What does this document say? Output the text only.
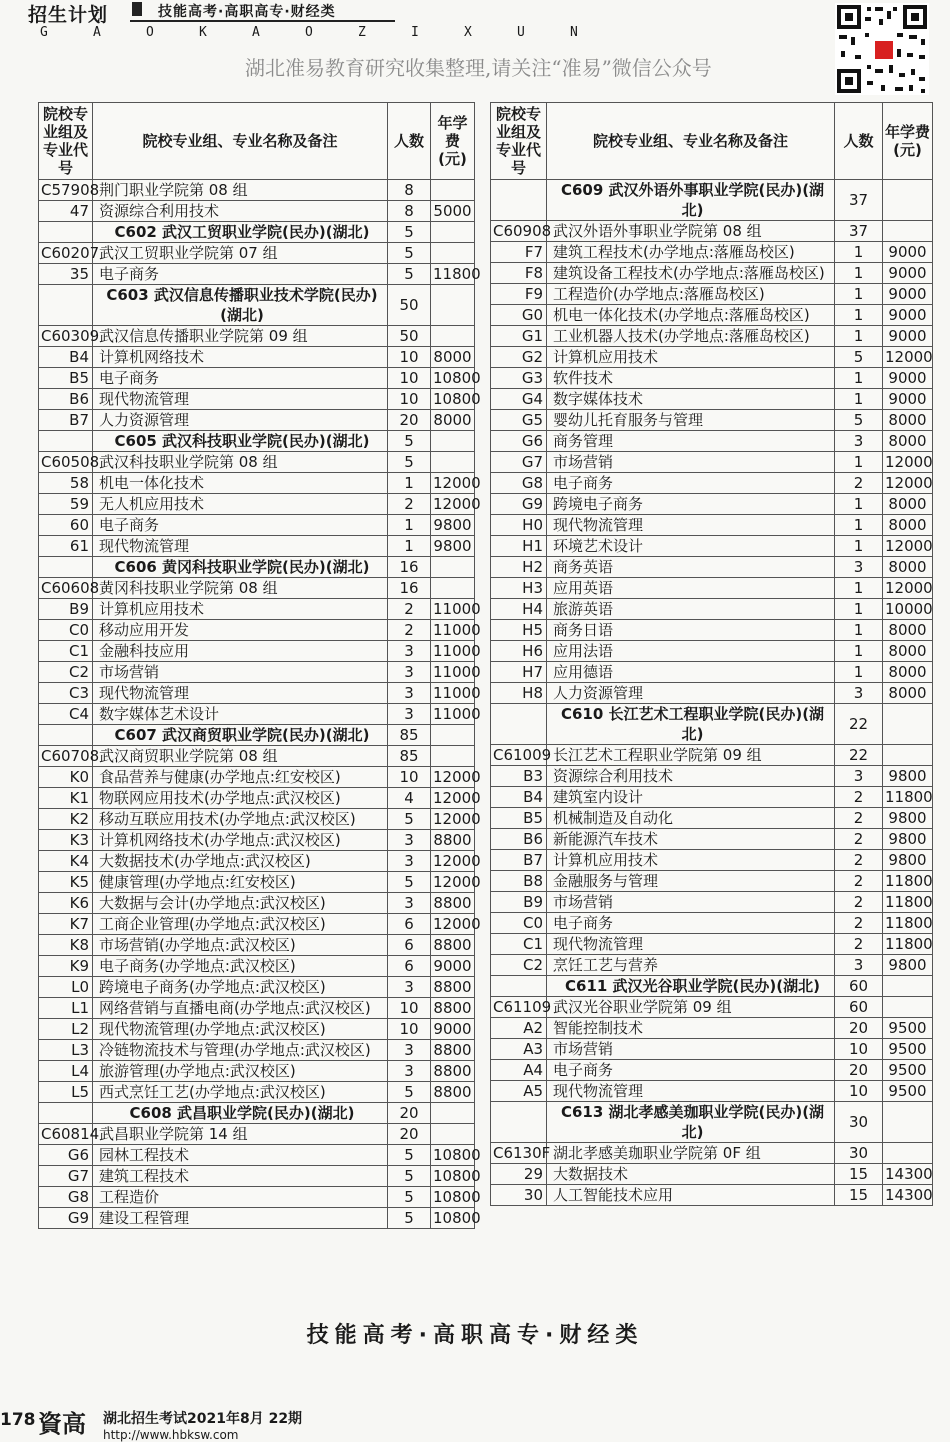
招生计划	技能高考·高职高专·财经类
G	A	O	K	A	O	Z	I	X	U	N
湖北准易教育研究收集整理,请关注“准易”微信公众号
院校专业组及专业代号	院校专业组、专业名称及备注	人数	年学费(元)
C57908	荆门职业学院第 08 组	8	
47	资源综合利用技术	8	5000
	C602 武汉工贸职业学院(民办)(湖北)	5	
C60207	武汉工贸职业学院第 07 组	5	
35	电子商务	5	11800
	C603 武汉信息传播职业技术学院(民办)(湖北)	50	
C60309	武汉信息传播职业学院第 09 组	50	
B4	计算机网络技术	10	8000
B5	电子商务	10	10800
B6	现代物流管理	10	10800
B7	人力资源管理	20	8000
	C605 武汉科技职业学院(民办)(湖北)	5	
C60508	武汉科技职业学院第 08 组	5	
58	机电一体化技术	1	12000
59	无人机应用技术	2	12000
60	电子商务	1	9800
61	现代物流管理	1	9800
	C606 黄冈科技职业学院(民办)(湖北)	16	
C60608	黄冈科技职业学院第 08 组	16	
B9	计算机应用技术	2	11000
C0	移动应用开发	2	11000
C1	金融科技应用	3	11000
C2	市场营销	3	11000
C3	现代物流管理	3	11000
C4	数字媒体艺术设计	3	11000
	C607 武汉商贸职业学院(民办)(湖北)	85	
C60708	武汉商贸职业学院第 08 组	85	
K0	食品营养与健康(办学地点:红安校区)	10	12000
K1	物联网应用技术(办学地点:武汉校区)	4	12000
K2	移动互联应用技术(办学地点:武汉校区)	5	12000
K3	计算机网络技术(办学地点:武汉校区)	3	8800
K4	大数据技术(办学地点:武汉校区)	3	12000
K5	健康管理(办学地点:红安校区)	5	12000
K6	大数据与会计(办学地点:武汉校区)	3	8800
K7	工商企业管理(办学地点:武汉校区)	6	12000
K8	市场营销(办学地点:武汉校区)	6	8800
K9	电子商务(办学地点:武汉校区)	6	9000
L0	跨境电子商务(办学地点:武汉校区)	3	8800
L1	网络营销与直播电商(办学地点:武汉校区)	10	8800
L2	现代物流管理(办学地点:武汉校区)	10	9000
L3	冷链物流技术与管理(办学地点:武汉校区)	3	8800
L4	旅游管理(办学地点:武汉校区)	3	8800
L5	西式烹饪工艺(办学地点:武汉校区)	5	8800
	C608 武昌职业学院(民办)(湖北)	20	
C60814	武昌职业学院第 14 组	20	
G6	园林工程技术	5	10800
G7	建筑工程技术	5	10800
G8	工程造价	5	10800
G9	建设工程管理	5	10800
院校专业组及专业代号	院校专业组、专业名称及备注	人数	年学费(元)
	C609 武汉外语外事职业学院(民办)(湖北)	37	
C60908	武汉外语外事职业学院第 08 组	37	
F7	建筑工程技术(办学地点:落雁岛校区)	1	9000
F8	建筑设备工程技术(办学地点:落雁岛校区)	1	9000
F9	工程造价(办学地点:落雁岛校区)	1	9000
G0	机电一体化技术(办学地点:落雁岛校区)	1	9000
G1	工业机器人技术(办学地点:落雁岛校区)	1	9000
G2	计算机应用技术	5	12000
G3	软件技术	1	9000
G4	数字媒体技术	1	9000
G5	婴幼儿托育服务与管理	5	8000
G6	商务管理	3	8000
G7	市场营销	1	12000
G8	电子商务	2	12000
G9	跨境电子商务	1	8000
H0	现代物流管理	1	8000
H1	环境艺术设计	1	12000
H2	商务英语	3	8000
H3	应用英语	1	12000
H4	旅游英语	1	10000
H5	商务日语	1	8000
H6	应用法语	1	8000
H7	应用德语	1	8000
H8	人力资源管理	3	8000
	C610 长江艺术工程职业学院(民办)(湖北)	22	
C61009	长江艺术工程职业学院第 09 组	22	
B3	资源综合利用技术	3	9800
B4	建筑室内设计	2	11800
B5	机械制造及自动化	2	9800
B6	新能源汽车技术	2	9800
B7	计算机应用技术	2	9800
B8	金融服务与管理	2	11800
B9	市场营销	2	11800
C0	电子商务	2	11800
C1	现代物流管理	2	11800
C2	烹饪工艺与营养	3	9800
	C611 武汉光谷职业学院(民办)(湖北)	60	
C61109	武汉光谷职业学院第 09 组	60	
A2	智能控制技术	20	9500
A3	市场营销	10	9500
A4	电子商务	20	9500
A5	现代物流管理	10	9500
	C613 湖北孝感美珈职业学院(民办)(湖北)	30	
C6130F	湖北孝感美珈职业学院第 0F 组	30	
29	大数据技术	15	14300
30	人工智能技术应用	15	14300
技能高考·高职高专·财经类
178 資高 湖北招生考试2021年8月 22期
http://www.hbksw.com
